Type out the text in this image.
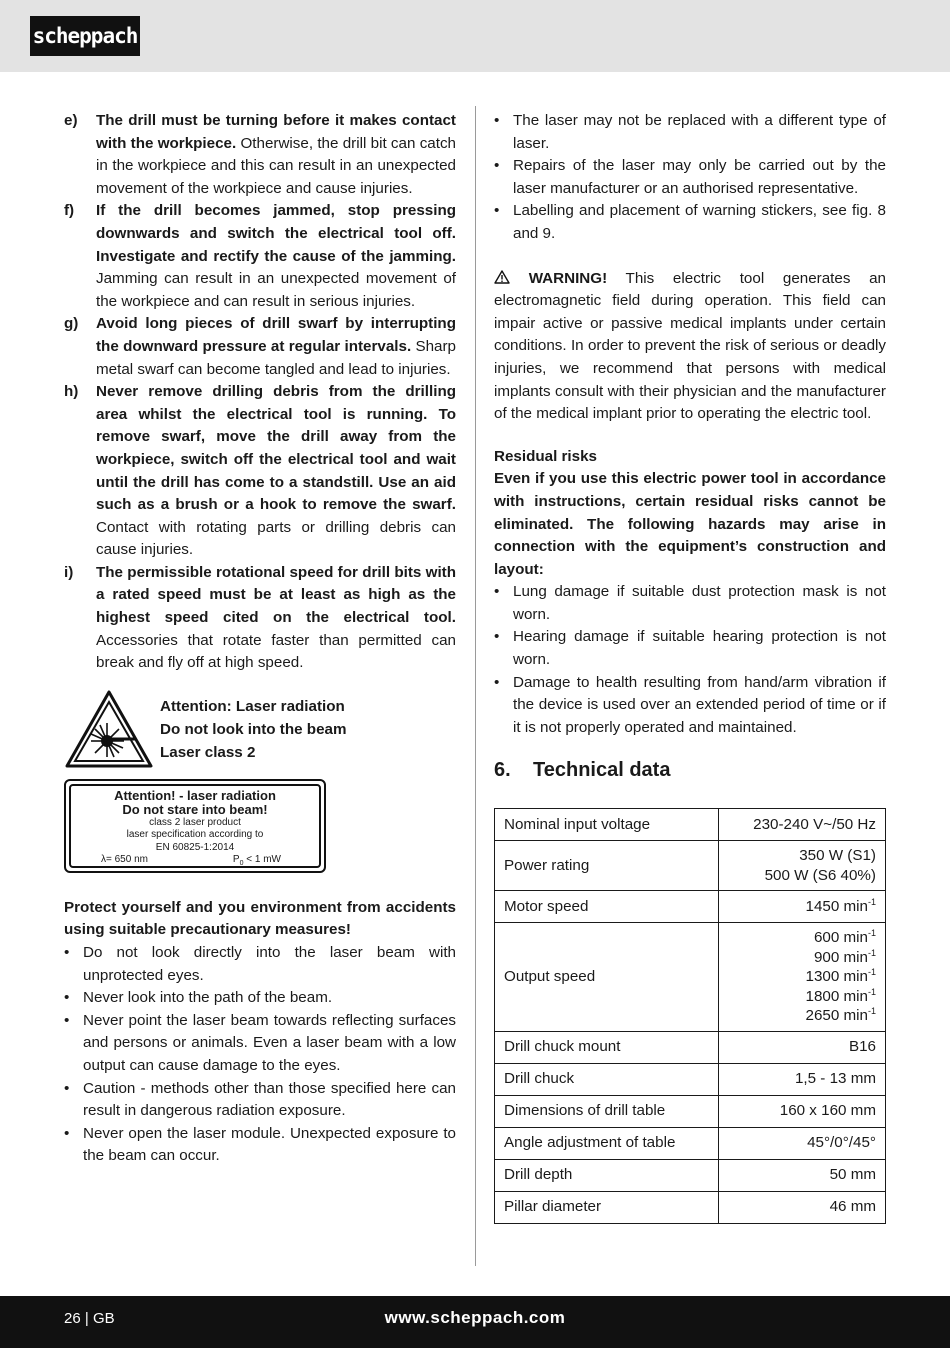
scheppach
e)	The drill must be turning before it makes contact with the workpiece. Otherwise, the drill bit can catch in the workpiece and this can result in an unexpected movement of the workpiece and cause injuries.
f)	If the drill becomes jammed, stop pressing downwards and switch the electrical tool off. Investigate and rectify the cause of the jamming. Jamming can result in an unexpected movement of the workpiece and can result in serious injuries.
g)	Avoid long pieces of drill swarf by interrupting the downward pressure at regular intervals. Sharp metal swarf can become tangled and lead to injuries.
h)	Never remove drilling debris from the drilling area whilst the electrical tool is running. To remove swarf, move the drill away from the workpiece, switch off the electrical tool and wait until the drill has come to a standstill. Use an aid such as a brush or a hook to remove the swarf. Contact with rotating parts or drilling debris can cause injuries.
i)	The permissible rotational speed for drill bits with a rated speed must be at least as high as the highest speed cited on the electrical tool. Accessories that rotate faster than permitted can break and fly off at high speed.
Attention: Laser radiation
Do not look into the beam
Laser class 2
Attention! - laser radiation
Do not stare into beam!
class 2 laser product
laser specification according to
EN 60825-1:2014
λ= 650 nm	$P_0 < 1$ mW
Protect yourself and you environment from accidents using suitable precautionary measures!
• Do not look directly into the laser beam with unprotected eyes.
• Never look into the path of the beam.
• Never point the laser beam towards reflecting surfaces and persons or animals. Even a laser beam with a low output can cause damage to the eyes.
• Caution - methods other than those specified here can result in dangerous radiation exposure.
• Never open the laser module. Unexpected exposure to the beam can occur.
• The laser may not be replaced with a different type of laser.
• Repairs of the laser may only be carried out by the laser manufacturer or an authorised representative.
• Labelling and placement of warning stickers, see fig. 8 and 9.
WARNING! This electric tool generates an electromagnetic field during operation. This field can impair active or passive medical implants under certain conditions. In order to prevent the risk of serious or deadly injuries, we recommend that persons with medical implants consult with their physician and the manufacturer of the medical implant prior to operating the electric tool.
Residual risks
Even if you use this electric power tool in accordance with instructions, certain residual risks cannot be eliminated. The following hazards may arise in connection with the equipment’s construction and layout:
• Lung damage if suitable dust protection mask is not worn.
• Hearing damage if suitable hearing protection is not worn.
• Damage to health resulting from hand/arm vibration if the device is used over an extended period of time or if it is not properly operated and maintained.
6.	Technical data
Nominal input voltage	230-240 V~/50 Hz

Power rating	350 W (S1)
500 W (S6 40%)

Motor speed	1450 $\min^{-1}$

Output speed	600 $\min^{-1}$
900 $\min^{-1}$
1300 $\min^{-1}$
1800 $\min^{-1}$
2650 $\min^{-1}$

Drill chuck mount	B16

Drill chuck	1,5 - 13 mm

Dimensions of drill table	160 x 160 mm

Angle adjustment of table	45°/0°/45°

Drill depth	50 mm

Pillar diameter	46 mm
26 | GB	www.scheppach.com
